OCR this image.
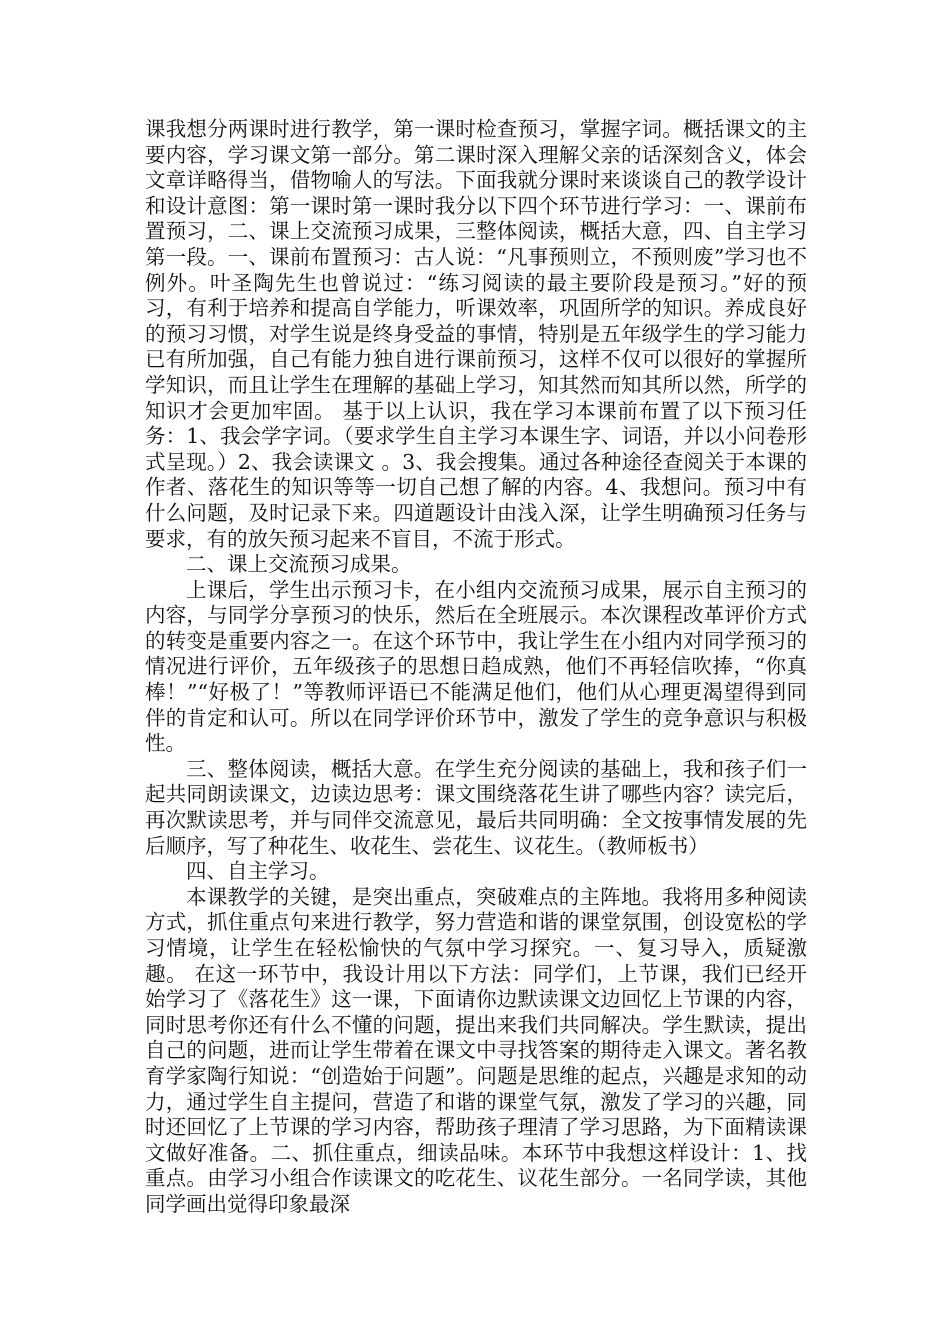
课我想分两课时进行教学，第一课时检查预习，掌握字词。概括课文的主要内容，学习课文第一部分。第二课时深入理解父亲的话深刻含义，体会文章详略得当，借物喻人的写法。下面我就分课时来谈谈自己的教学设计和设计意图：第一课时第一课时我分以下四个环节进行学习：一、课前布置预习，二、课上交流预习成果，三整体阅读，概括大意，四、自主学习第一段。一、课前布置预习：古人说：“凡事预则立，不预则废”学习也不例外。叶圣陶先生也曾说过：“练习阅读的最主要阶段是预习。”好的预习，有利于培养和提高自学能力，听课效率，巩固所学的知识。养成良好的预习习惯，对学生说是终身受益的事情，特别是五年级学生的学习能力已有所加强，自己有能力独自进行课前预习，这样不仅可以很好的掌握所学知识，而且让学生在理解的基础上学习，知其然而知其所以然，所学的知识才会更加牢固。 基于以上认识，我在学习本课前布置了以下预习任务：1、我会学字词。（要求学生自主学习本课生字、词语，并以小问卷形式呈现。）2、我会读课文 。3、我会搜集。通过各种途径查阅关于本课的作者、落花生的知识等等一切自己想了解的内容。4、我想问。预习中有什么问题，及时记录下来。四道题设计由浅入深，让学生明确预习任务与要求，有的放矢预习起来不盲目，不流于形式。

二、课上交流预习成果。

上课后，学生出示预习卡，在小组内交流预习成果，展示自主预习的内容，与同学分享预习的快乐，然后在全班展示。本次课程改革评价方式的转变是重要内容之一。在这个环节中，我让学生在小组内对同学预习的情况进行评价，五年级孩子的思想日趋成熟，他们不再轻信吹捧，“你真棒！”“好极了！”等教师评语已不能满足他们，他们从心理更渴望得到同伴的肯定和认可。所以在同学评价环节中，激发了学生的竞争意识与积极性。

三、整体阅读，概括大意。在学生充分阅读的基础上，我和孩子们一起共同朗读课文，边读边思考：课文围绕落花生讲了哪些内容？读完后，再次默读思考，并与同伴交流意见，最后共同明确：全文按事情发展的先后顺序，写了种花生、收花生、尝花生、议花生。（教师板书）

四、自主学习。

本课教学的关键，是突出重点，突破难点的主阵地。我将用多种阅读方式，抓住重点句来进行教学，努力营造和谐的课堂氛围，创设宽松的学习情境，让学生在轻松愉快的气氛中学习探究。一、复习导入，质疑激趣。 在这一环节中，我设计用以下方法：同学们，上节课，我们已经开始学习了《落花生》这一课，下面请你边默读课文边回忆上节课的内容，同时思考你还有什么不懂的问题，提出来我们共同解决。学生默读，提出自己的问题，进而让学生带着在课文中寻找答案的期待走入课文。著名教育学家陶行知说：“创造始于问题”。问题是思维的起点，兴趣是求知的动力，通过学生自主提问，营造了和谐的课堂气氛，激发了学习的兴趣，同时还回忆了上节课的学习内容，帮助孩子理清了学习思路，为下面精读课文做好准备。二、抓住重点，细读品味。本环节中我想这样设计：1、找重点。由学习小组合作读课文的吃花生、议花生部分。一名同学读，其他同学画出觉得印象最深
